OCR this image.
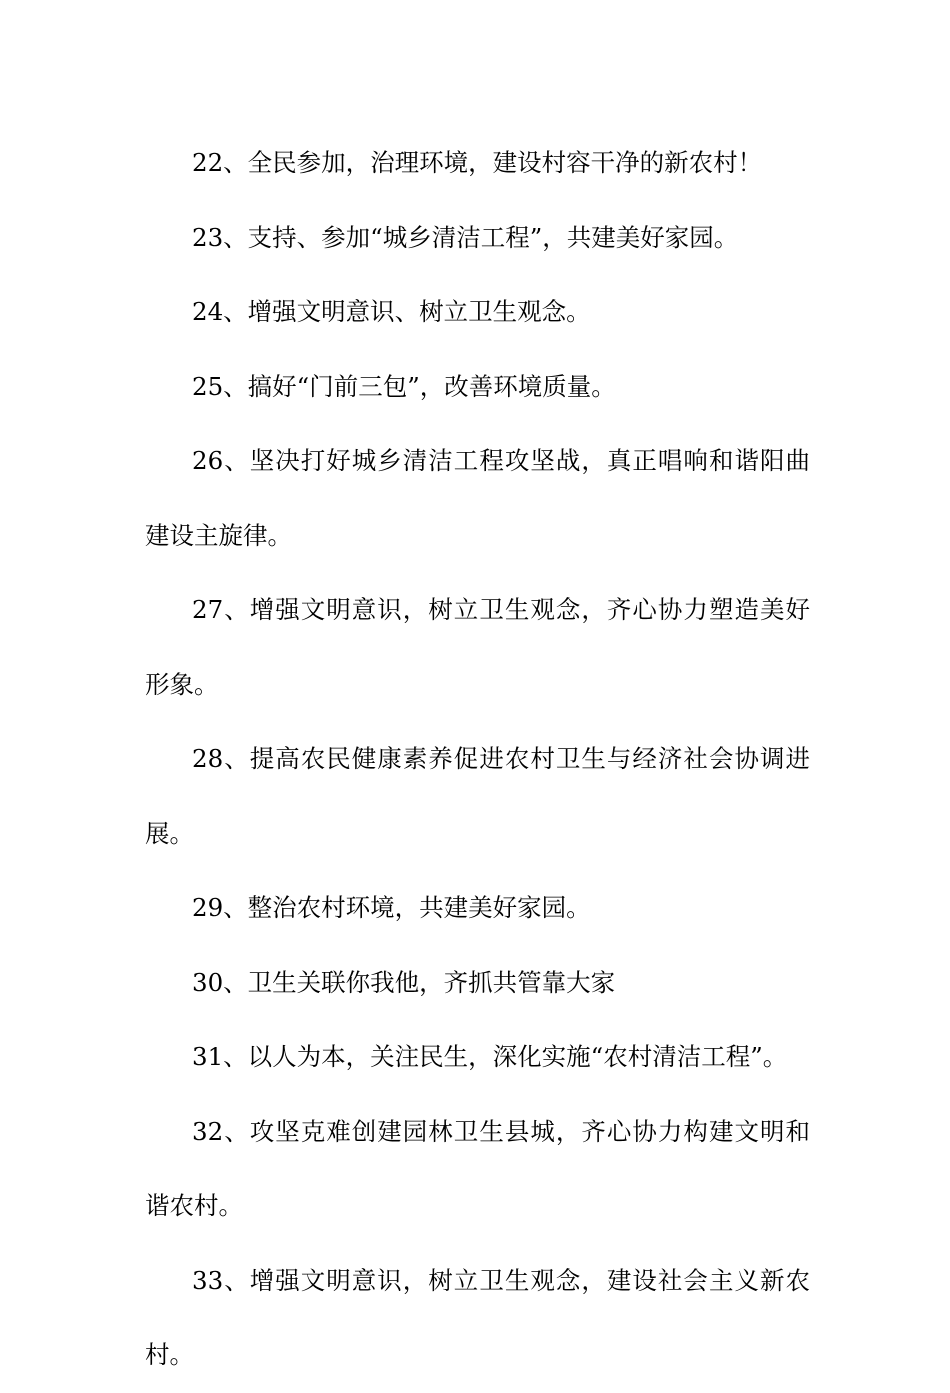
22、全民参加，治理环境，建设村容干净的新农村！

23、支持、参加“城乡清洁工程”，共建美好家园。

24、增强文明意识、树立卫生观念。

25、搞好“门前三包”，改善环境质量。

26、坚决打好城乡清洁工程攻坚战，真正唱响和谐阳曲建设主旋律。

27、增强文明意识，树立卫生观念，齐心协力塑造美好形象。

28、提高农民健康素养促进农村卫生与经济社会协调进展。

29、整治农村环境，共建美好家园。

30、卫生关联你我他，齐抓共管靠大家

31、以人为本，关注民生，深化实施“农村清洁工程”。

32、攻坚克难创建园林卫生县城，齐心协力构建文明和谐农村。

33、增强文明意识，树立卫生观念，建设社会主义新农村。
